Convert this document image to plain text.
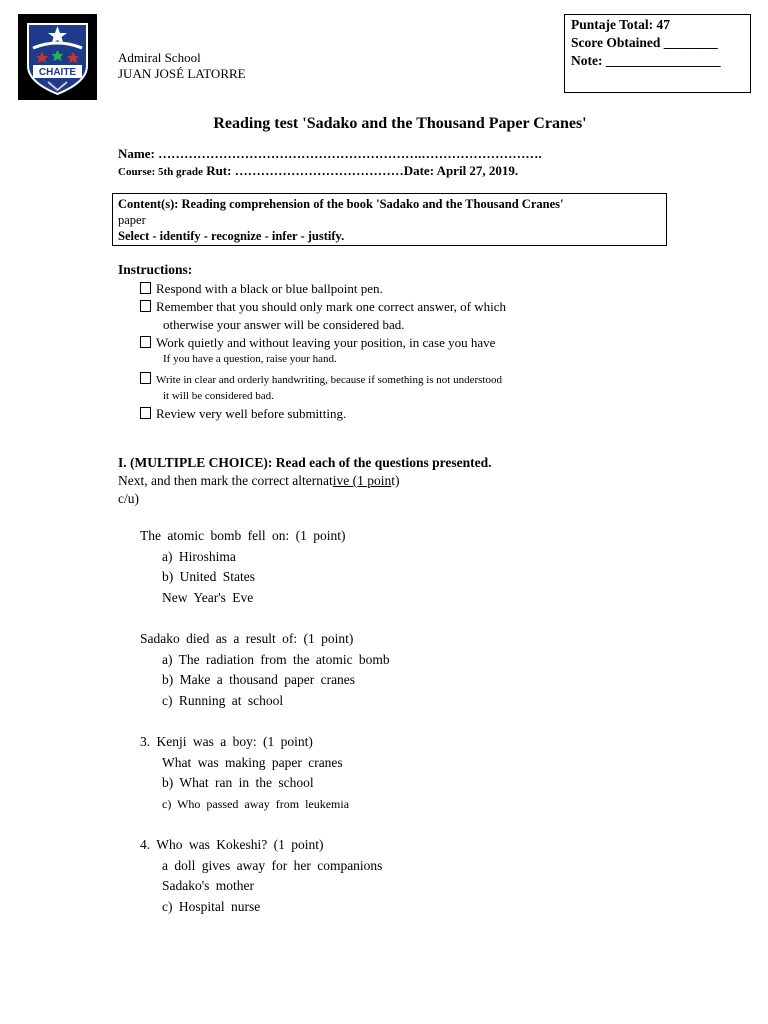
CHAITE
Admiral School
JUAN JOSÉ LATORRE
Puntaje Total: 47
Score Obtained ________
Note: _________________
Reading test 'Sadako and the Thousand Paper Cranes'
Name: …………………………………………………….……………………….
Course: 5th grade Rut: …………………………………Date: April 27, 2019.
Content(s): Reading comprehension of the book 'Sadako and the Thousand Cranes'
paper
Select - identify - recognize - infer - justify.
Instructions:
Respond with a black or blue ballpoint pen.
Remember that you should only mark one correct answer, of which
otherwise your answer will be considered bad.
Work quietly and without leaving your position, in case you have
If you have a question, raise your hand.
Write in clear and orderly handwriting, because if something is not understood
it will be considered bad.
Review very well before submitting.
I. (MULTIPLE CHOICE): Read each of the questions presented.
Next, and then mark the correct alternative (1 point)
c/u)
The atomic bomb fell on: (1 point)
a) Hiroshima
b) United States
New Year's Eve
Sadako died as a result of: (1 point)
a) The radiation from the atomic bomb
b) Make a thousand paper cranes
c) Running at school
3. Kenji was a boy: (1 point)
What was making paper cranes
b) What ran in the school
c) Who passed away from leukemia
4. Who was Kokeshi? (1 point)
a doll gives away for her companions
Sadako's mother
c) Hospital nurse
